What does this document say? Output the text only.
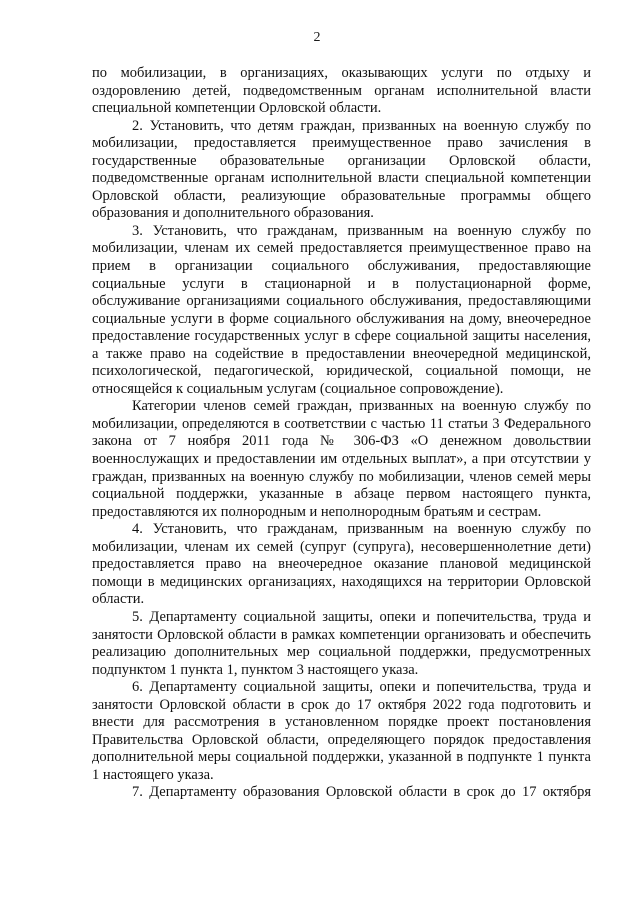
2

по мобилизации, в организациях, оказывающих услуги по отдыху и оздоровлению детей, подведомственным органам исполнительной власти специальной компетенции Орловской области.

2. Установить, что детям граждан, призванных на военную службу по мобилизации, предоставляется преимущественное право зачисления в государственные образовательные организации Орловской области, подведомственные органам исполнительной власти специальной компетенции Орловской области, реализующие образовательные программы общего образования и дополнительного образования.

3. Установить, что гражданам, призванным на военную службу по мобилизации, членам их семей предоставляется преимущественное право на прием в организации социального обслуживания, предоставляющие социальные услуги в стационарной и в полустационарной форме, обслуживание организациями социального обслуживания, предоставляющими социальные услуги в форме социального обслуживания на дому, внеочередное предоставление государственных услуг в сфере социальной защиты населения, а также право на содействие в предоставлении внеочередной медицинской, психологической, педагогической, юридической, социальной помощи, не относящейся к социальным услугам (социальное сопровождение).

Категории членов семей граждан, призванных на военную службу по мобилизации, определяются в соответствии с частью 11 статьи 3 Федерального закона от 7 ноября 2011 года № 306-ФЗ «О денежном довольствии военнослужащих и предоставлении им отдельных выплат», а при отсутствии у граждан, призванных на военную службу по мобилизации, членов семей меры социальной поддержки, указанные в абзаце первом настоящего пункта, предоставляются их полнородным и неполнородным братьям и сестрам.

4. Установить, что гражданам, призванным на военную службу по мобилизации, членам их семей (супруг (супруга), несовершеннолетние дети) предоставляется право на внеочередное оказание плановой медицинской помощи в медицинских организациях, находящихся на территории Орловской области.

5. Департаменту социальной защиты, опеки и попечительства, труда и занятости Орловской области в рамках компетенции организовать и обеспечить реализацию дополнительных мер социальной поддержки, предусмотренных подпунктом 1 пункта 1, пунктом 3 настоящего указа.

6. Департаменту социальной защиты, опеки и попечительства, труда и занятости Орловской области в срок до 17 октября 2022 года подготовить и внести для рассмотрения в установленном порядке проект постановления Правительства Орловской области, определяющего порядок предоставления дополнительной меры социальной поддержки, указанной в подпункте 1 пункта 1 настоящего указа.

7. Департаменту образования Орловской области в срок до 17 октября
